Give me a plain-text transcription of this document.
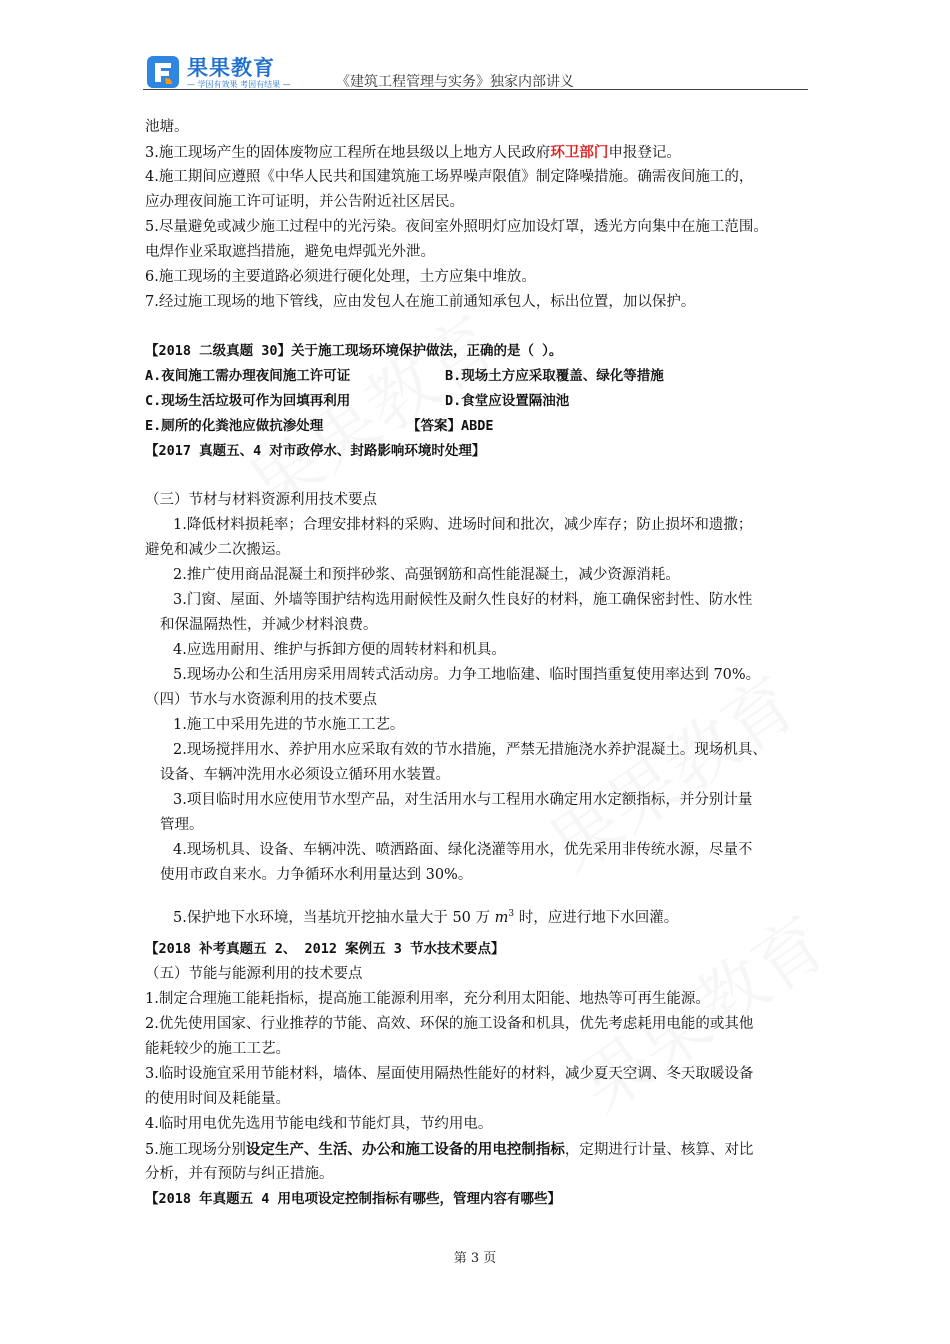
果果教育
— 学因有效果 考因有结果 —	《建筑工程管理与实务》独家内部讲义
池塘。
3.施工现场产生的固体废物应工程所在地县级以上地方人民政府环卫部门申报登记。
4.施工期间应遵照《中华人民共和国建筑施工场界噪声限值》制定降噪措施。确需夜间施工的，
应办理夜间施工许可证明，并公告附近社区居民。
5.尽量避免或减少施工过程中的光污染。夜间室外照明灯应加设灯罩，透光方向集中在施工范围。
电焊作业采取遮挡措施，避免电焊弧光外泄。
6.施工现场的主要道路必须进行硬化处理，土方应集中堆放。
7.经过施工现场的地下管线，应由发包人在施工前通知承包人，标出位置，加以保护。
【2018 二级真题 30】关于施工现场环境保护做法，正确的是（ ）。
A.夜间施工需办理夜间施工许可证	B.现场土方应采取覆盖、绿化等措施
C.现场生活垃圾可作为回填再利用	D.食堂应设置隔油池
E.厕所的化粪池应做抗渗处理	【答案】ABDE
【2017 真题五、4 对市政停水、封路影响环境时处理】
（三）节材与材料资源利用技术要点
1.降低材料损耗率；合理安排材料的采购、进场时间和批次，减少库存；防止损坏和遗撒；
避免和减少二次搬运。
2.推广使用商品混凝土和预拌砂浆、高强钢筋和高性能混凝土，减少资源消耗。
3.门窗、屋面、外墙等围护结构选用耐候性及耐久性良好的材料，施工确保密封性、防水性
和保温隔热性，并减少材料浪费。
4.应选用耐用、维护与拆卸方便的周转材料和机具。
5.现场办公和生活用房采用周转式活动房。力争工地临建、临时围挡重复使用率达到 70%。
（四）节水与水资源利用的技术要点
1.施工中采用先进的节水施工工艺。
2.现场搅拌用水、养护用水应采取有效的节水措施，严禁无措施浇水养护混凝土。现场机具、
设备、车辆冲洗用水必须设立循环用水装置。
3.项目临时用水应使用节水型产品，对生活用水与工程用水确定用水定额指标，并分别计量
管理。
4.现场机具、设备、车辆冲洗、喷洒路面、绿化浇灌等用水，优先采用非传统水源，尽量不
使用市政自来水。力争循环水利用量达到 30%。
5.保护地下水环境，当基坑开挖抽水量大于 50 万 $m^3$ 时，应进行地下水回灌。
【2018 补考真题五 2、 2012 案例五 3 节水技术要点】
（五）节能与能源利用的技术要点
1.制定合理施工能耗指标，提高施工能源利用率，充分利用太阳能、地热等可再生能源。
2.优先使用国家、行业推荐的节能、高效、环保的施工设备和机具，优先考虑耗用电能的或其他
能耗较少的施工工艺。
3.临时设施宜采用节能材料，墙体、屋面使用隔热性能好的材料，减少夏天空调、冬天取暖设备
的使用时间及耗能量。
4.临时用电优先选用节能电线和节能灯具，节约用电。
5.施工现场分别设定生产、生活、办公和施工设备的用电控制指标，定期进行计量、核算、对比
分析，并有预防与纠正措施。
【2018 年真题五 4 用电项设定控制指标有哪些，管理内容有哪些】
第 3 页
